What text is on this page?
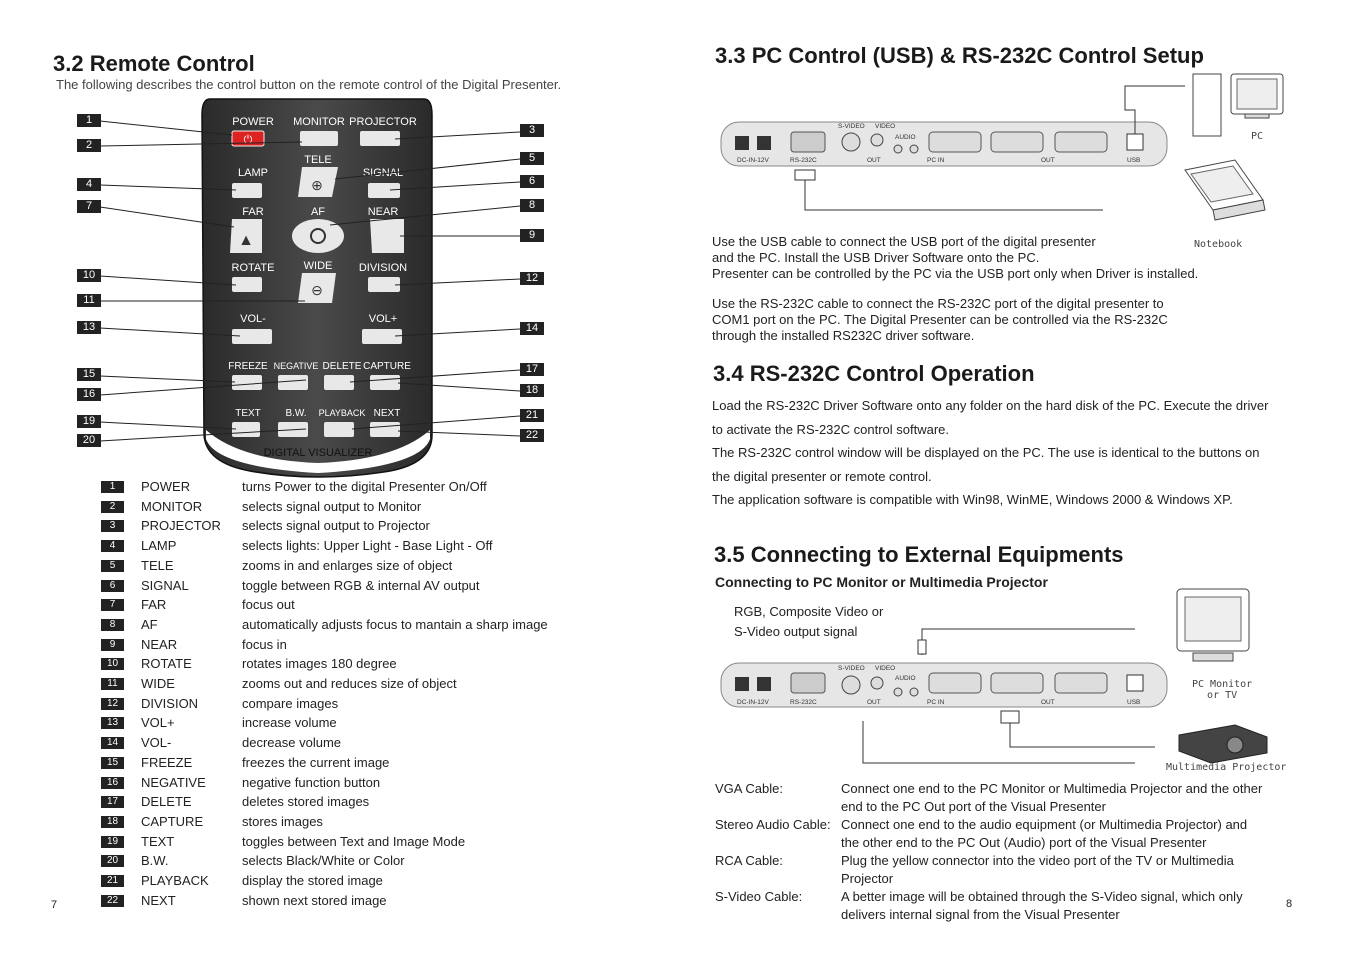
3.2 Remote Control
The following describes the control button on the remote control of the Digital Presenter.
⏻
⊕
▲
⊖
POWER MONITOR PROJECTOR
TELE
LAMP	SIGNAL
FAR	AF	NEAR
ROTATE	WIDE DIVISION
VOL-	VOL+
FREEZE NEGATIVE DELETE CAPTURE
TEXT B.W. PLAYBACK NEXT
DIGITAL VISUALIZER
1
2
3
4
5
6
7	8
9
10
11
12
13	14
15
16
17
18
19
20
21
22
1	POWER	turns Power to the digital Presenter On/Off
2	MONITOR	selects signal output to Monitor
3	PROJECTOR selects signal output to Projector
4	LAMP	selects lights: Upper Light - Base Light - Off
5	TELE	zooms in and enlarges size of object
6	SIGNAL	toggle between RGB & internal AV output
7	FAR	focus out
8	AF	automatically adjusts focus to mantain a sharp image
9	NEAR	focus in
10	ROTATE	rotates images 180 degree
11	WIDE	zooms out and reduces size of object
12	DIVISION	compare images
13	VOL+	increase volume
14	VOL-	decrease volume
15	FREEZE	freezes the current image
16	NEGATIVE	negative function button
17	DELETE	deletes stored images
18	CAPTURE	stores images
19	TEXT	toggles between Text and Image Mode
20	B.W.	selects Black/White or Color
21	PLAYBACK	display the stored image
22	NEXT	shown next stored image
7
3.3 PC Control (USB) & RS-232C Control Setup
S-VIDEO VIDEO
AUDIO
DC-IN-12V	RS-232C	OUT	PC IN	OUT	USB
PC
Notebook
Use the USB cable to connect the USB port of the digital presenter
and the PC. Install the USB Driver Software onto the PC.
Presenter can be controlled by the PC via the USB port only when Driver is installed.
Use the RS-232C cable to connect the RS-232C port of the digital presenter to
COM1 port on the PC. The Digital Presenter can be controlled via the RS-232C
through the installed RS232C driver software.
3.4 RS-232C Control Operation
Load the RS-232C Driver Software onto any folder on the hard disk of the PC. Execute the driver
to activate the RS-232C control software.
The RS-232C control window will be displayed on the PC. The use is identical to the buttons on
the digital presenter or remote control.
The application software is compatible with Win98, WinME, Windows 2000 & Windows XP.
3.5 Connecting to External Equipments
Connecting to PC Monitor or Multimedia Projector
RGB, Composite Video or
S-Video output signal
S-VIDEO VIDEO
AUDIO
DC-IN-12V	RS-232C	OUT	PC IN	OUT	USB
PC Monitor
or TV
Multimedia Projector
VGA Cable:	Connect one end to the PC Monitor or Multimedia Projector and the other
end to the PC Out port of the Visual Presenter
Stereo Audio Cable: Connect one end to the audio equipment (or Multimedia Projector) and
the other end to the PC Out (Audio) port of the Visual Presenter
RCA Cable:	Plug the yellow connector into the video port of the TV or Multimedia
Projector
S-Video Cable:	A better image will be obtained through the S-Video signal, which only
delivers internal signal from the Visual Presenter
8
